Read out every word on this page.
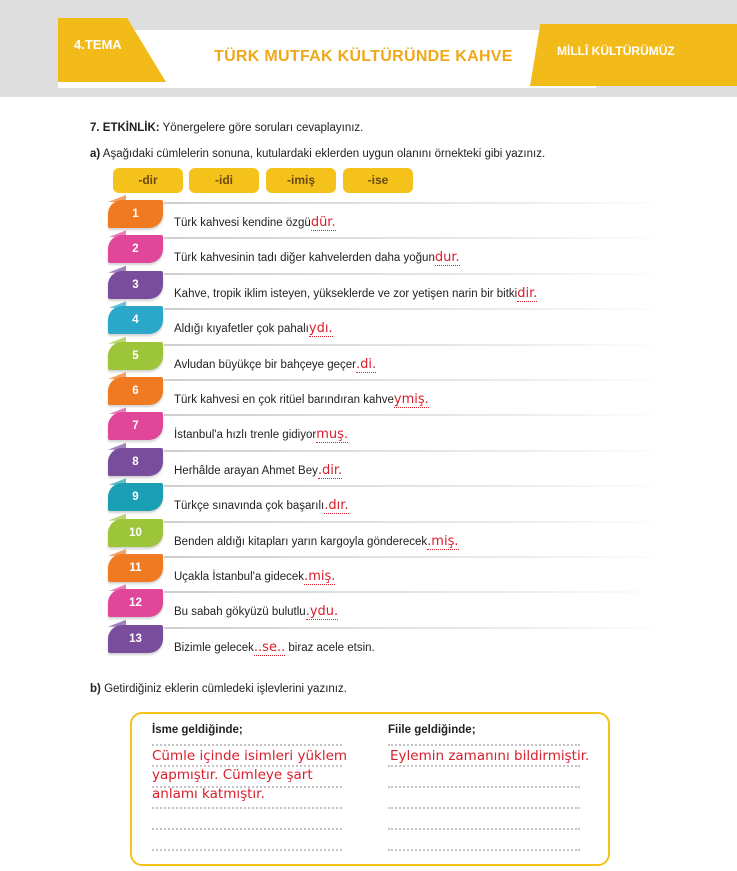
4.TEMA
TÜRK MUTFAK KÜLTÜRÜNDE KAHVE	MİLLÎ KÜLTÜRÜMÜZ
7. ETKİNLİK: Yönergelere göre soruları cevaplayınız.
a) Aşağıdaki cümlelerin sonuna, kutulardaki eklerden uygun olanını örnekteki gibi yazınız.
-dir	-idi	-imiş	-ise
1
Türk kahvesi kendine özgüdür.
2
Türk kahvesinin tadı diğer kahvelerden daha yoğundur.
3
Kahve, tropik iklim isteyen, yükseklerde ve zor yetişen narin bir bitkidir.
4
Aldığı kıyafetler çok pahalıydı.
5
Avludan büyükçe bir bahçeye geçer.di.
6
Türk kahvesi en çok ritüel barındıran kahveymiş.
7
İstanbul'a hızlı trenle gidiyormuş.
8
Herhâlde arayan Ahmet Bey.dir.
9
Türkçe sınavında çok başarılı.dır.
10
Benden aldığı kitapları yarın kargoyla gönderecek.miş.
11
Uçakla İstanbul'a gidecek.miş.
12
Bu sabah gökyüzü bulutlu.ydu.
13
Bizimle gelecek..se.. biraz acele etsin.
b) Getirdiğiniz eklerin cümledeki işlevlerini yazınız.
İsme geldiğinde;	Fiile geldiğinde;
Cümle içinde isimleri yüklem
yapmıştır. Cümleye şart
anlamı katmıştır.
Eylemin zamanını bildirmiştir.
